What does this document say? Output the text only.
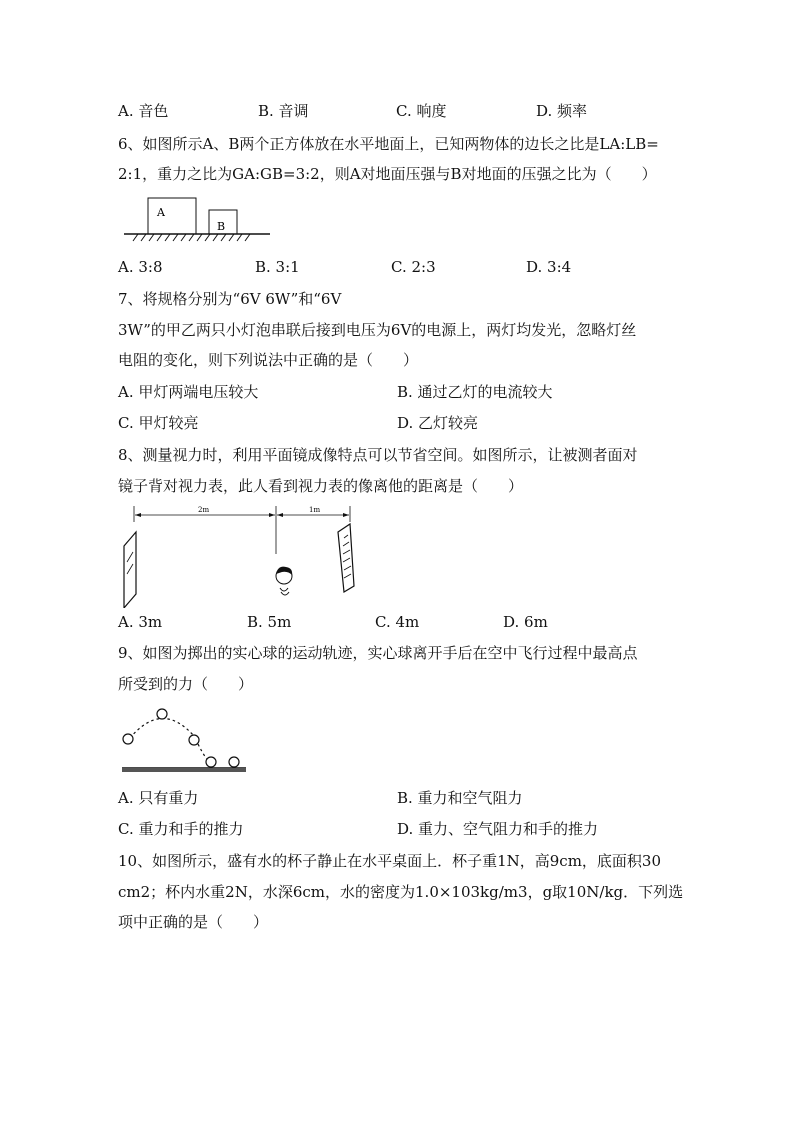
A. 音色	B. 音调	C. 响度	D. 频率
6、如图所示A、B两个正方体放在水平地面上，已知两物体的边长之比是LA:LB=
2:1，重力之比为GA:GB=3:2，则A对地面压强与B对地面的压强之比为（　　）
A
B
A. 3:8	B. 3:1	C. 2:3	D. 3:4
7、将规格分别为“6V 6W”和“6V
3W”的甲乙两只小灯泡串联后接到电压为6V的电源上，两灯均发光，忽略灯丝
电阻的变化，则下列说法中正确的是（　　）
A. 甲灯两端电压较大	B. 通过乙灯的电流较大
C. 甲灯较亮	D. 乙灯较亮
8、测量视力时，利用平面镜成像特点可以节省空间。如图所示，让被测者面对
镜子背对视力表，此人看到视力表的像离他的距离是（　　）
2m	1m
A. 3m	B. 5m	C. 4m	D. 6m
9、如图为掷出的实心球的运动轨迹，实心球离开手后在空中飞行过程中最高点
所受到的力（　　）
A. 只有重力	B. 重力和空气阻力
C. 重力和手的推力	D. 重力、空气阻力和手的推力
10、如图所示，盛有水的杯子静止在水平桌面上．杯子重1N，高9cm，底面积30
cm2；杯内水重2N，水深6cm，水的密度为1.0×103kg/m3，g取10N/kg．下列选
项中正确的是（　　）
